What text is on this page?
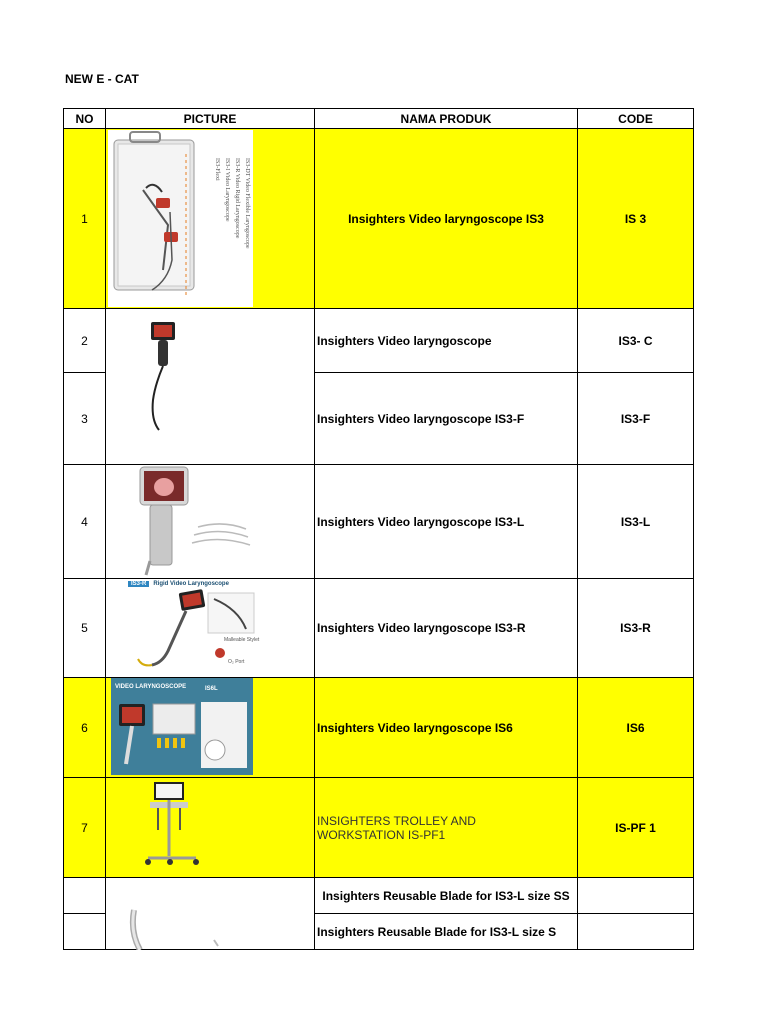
NEW E - CAT
NO	PICTURE	NAMA PRODUK	CODE
1	Insighters Video laryngoscope IS3	IS 3
2	Insighters Video laryngoscope	IS3- C
3	Insighters Video laryngoscope IS3-F	IS3-F
4	Insighters Video laryngoscope IS3-L	IS3-L
5	Insighters Video laryngoscope IS3-R	IS3-R
6	Insighters Video laryngoscope IS6	IS6
7	INSIGHTERS TROLLEY AND WORKSTATION IS-PF1	IS-PF 1
Insighters Reusable Blade for IS3-L size SS
Insighters Reusable Blade for IS3-L size S
IS3-Flexi IS3-I Video Laryngoscope IS3-R Video Rigid Laryngoscope IS3-DT Video Flexible Laryngoscope
IS3-R	Rigid Video Laryngoscope
Malleable Stylet
O₂ Port
VIDEO LARYNGOSCOPE	IS6L
